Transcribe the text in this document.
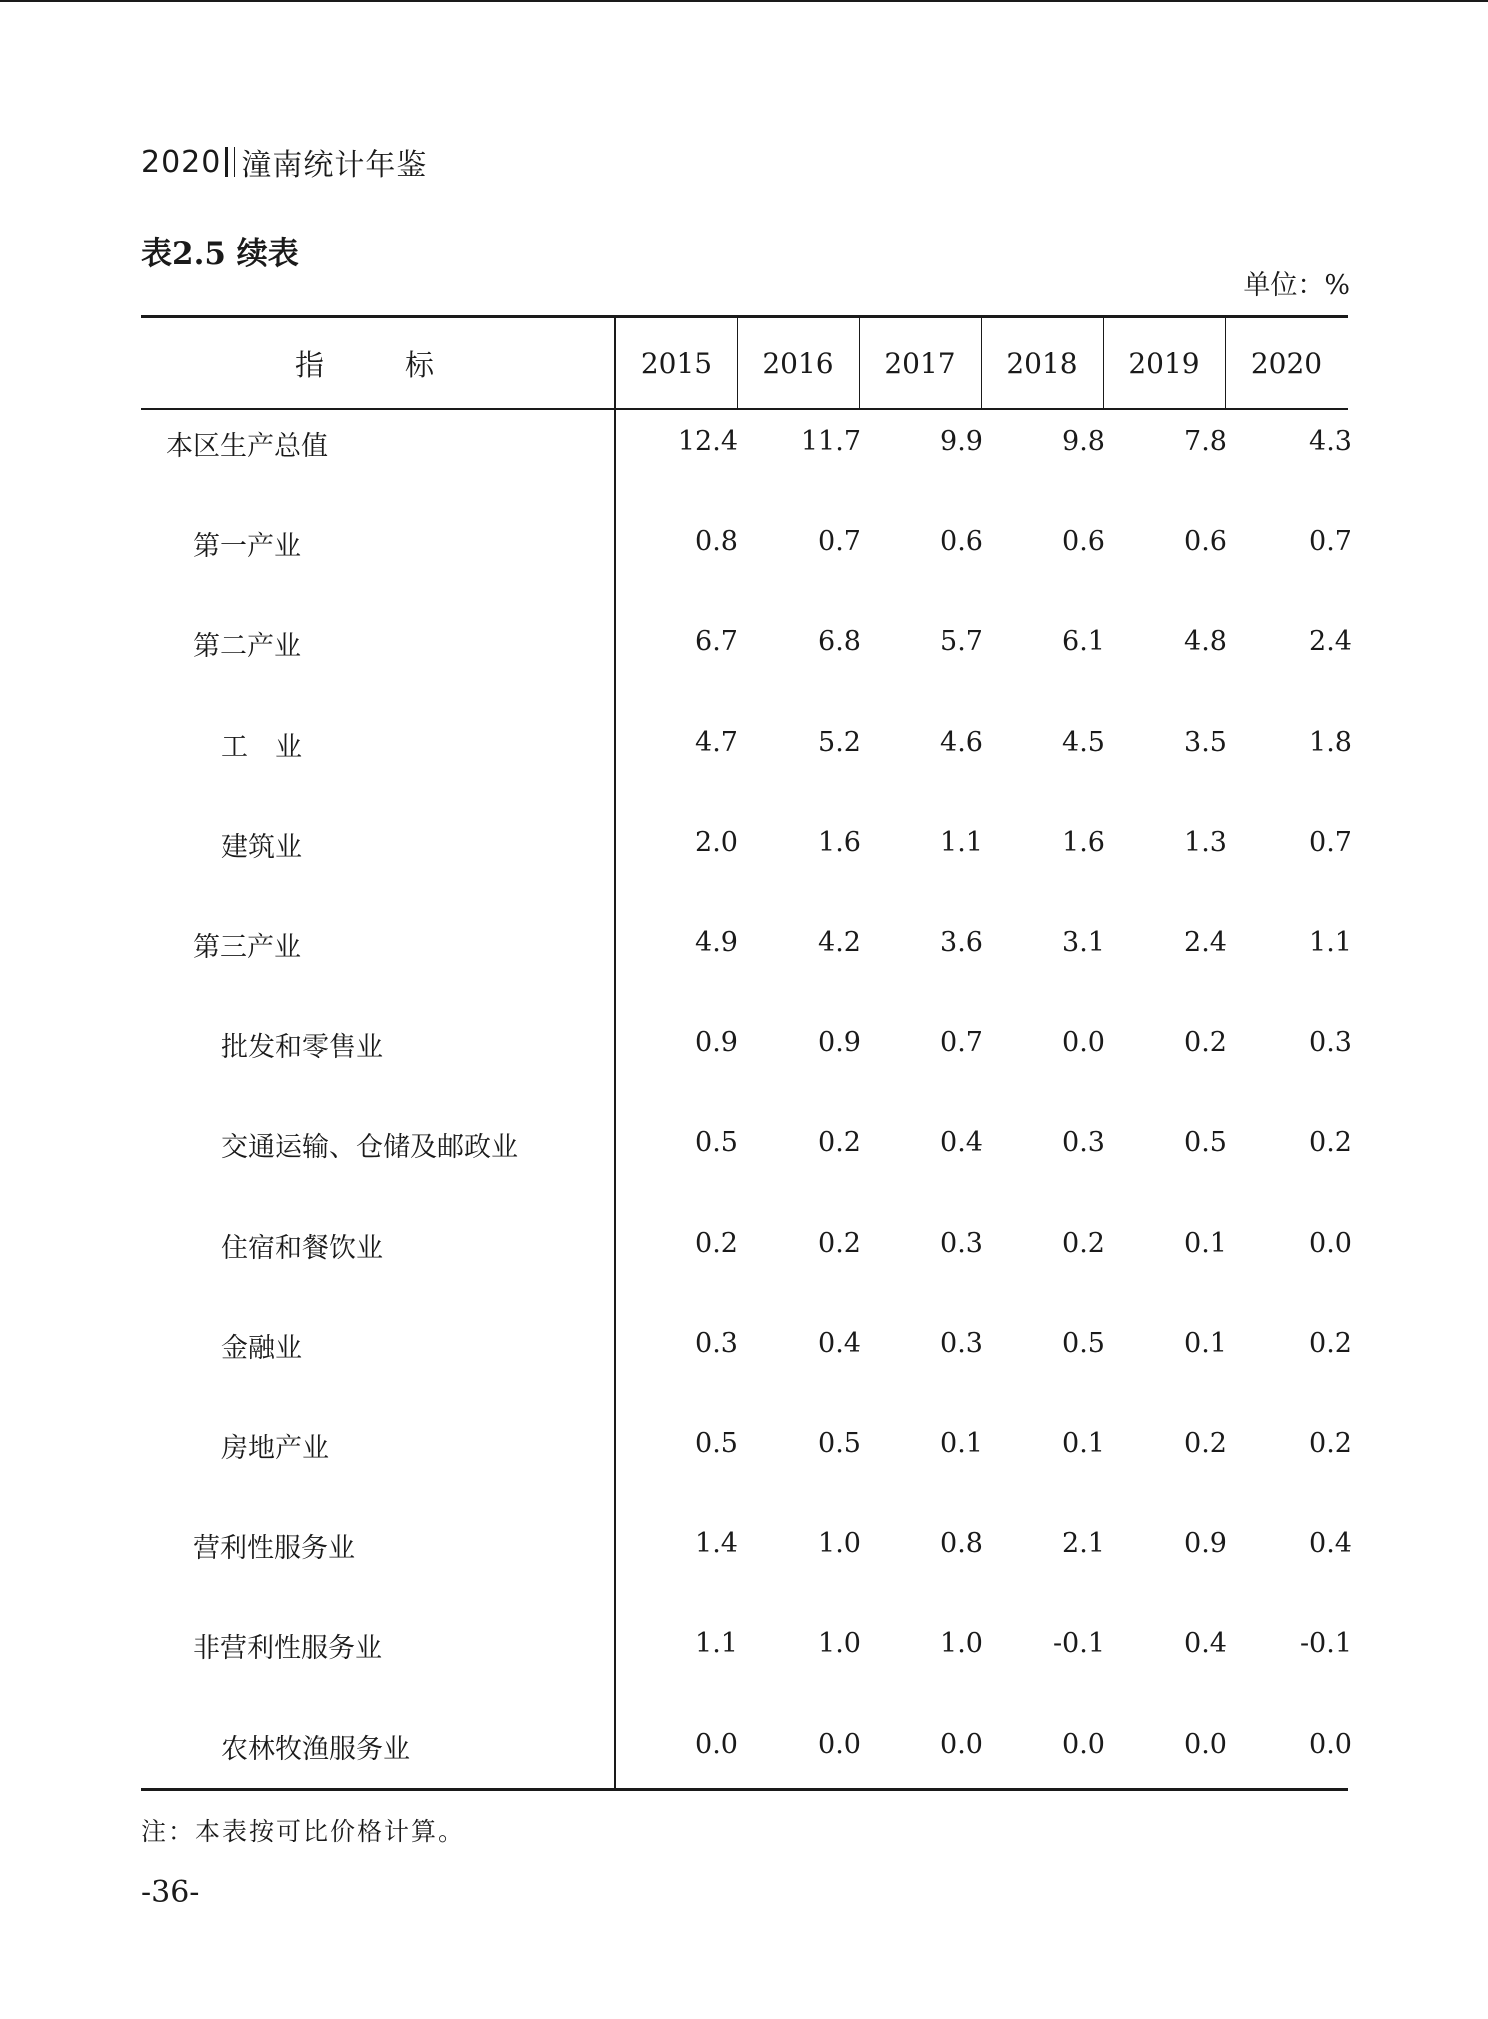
2020 潼南统计年鉴
表2.5 续表
单位：%
指　标	2015	2016	2017	2018	2019	2020
本区生产总值	12.4	11.7	9.9	9.8	7.8	4.3
第一产业	0.8	0.7	0.6	0.6	0.6	0.7
第二产业	6.7	6.8	5.7	6.1	4.8	2.4
工　业	4.7	5.2	4.6	4.5	3.5	1.8
建筑业	2.0	1.6	1.1	1.6	1.3	0.7
第三产业	4.9	4.2	3.6	3.1	2.4	1.1
批发和零售业	0.9	0.9	0.7	0.0	0.2	0.3
交通运输、仓储及邮政业	0.5	0.2	0.4	0.3	0.5	0.2
住宿和餐饮业	0.2	0.2	0.3	0.2	0.1	0.0
金融业	0.3	0.4	0.3	0.5	0.1	0.2
房地产业	0.5	0.5	0.1	0.1	0.2	0.2
营利性服务业	1.4	1.0	0.8	2.1	0.9	0.4
非营利性服务业	1.1	1.0	1.0	-0.1	0.4	-0.1
农林牧渔服务业	0.0	0.0	0.0	0.0	0.0	0.0
注：本表按可比价格计算。
-36-
